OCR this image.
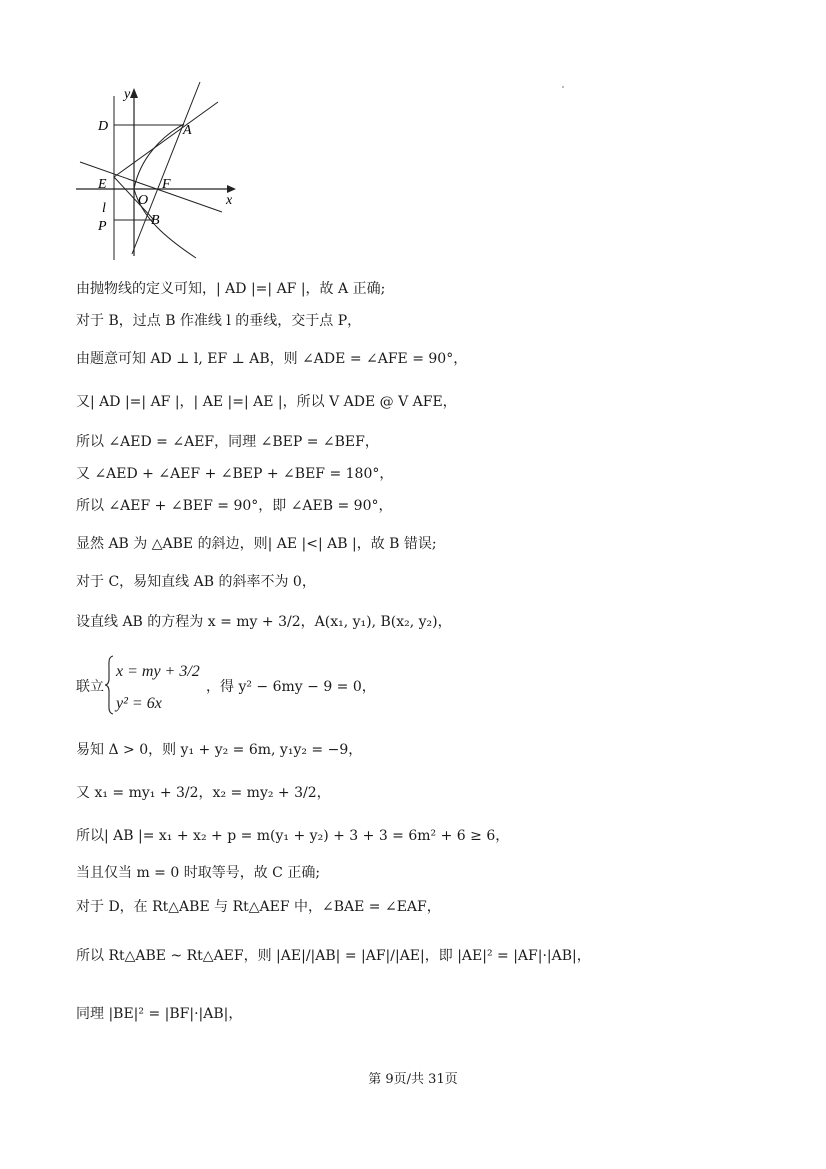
y
x
D	A
E	F
O
l
B
P
由抛物线的定义可知，| AD |=| AF |，故 A 正确;
对于 B，过点 B 作准线 l 的垂线，交于点 P，
由题意可知 AD ⊥ l, EF ⊥ AB，则 ∠ADE = ∠AFE = 90°，
又| AD |=| AF |，| AE |=| AE |，所以 V ADE @ V AFE，
所以 ∠AED = ∠AEF，同理 ∠BEP = ∠BEF，
又 ∠AED + ∠AEF + ∠BEP + ∠BEF = 180°，
所以 ∠AEF + ∠BEF = 90°，即 ∠AEB = 90°，
显然 AB 为 △ABE 的斜边，则| AE |<| AB |，故 B 错误;
对于 C，易知直线 AB 的斜率不为 0，
设直线 AB 的方程为 x = my + 3/2，A(x₁, y₁), B(x₂, y₂)，
联立
x = my + 3/2
y² = 6x
，得 y² − 6my − 9 = 0，
易知 Δ > 0，则 y₁ + y₂ = 6m, y₁y₂ = −9，
又 x₁ = my₁ + 3/2，x₂ = my₂ + 3/2，
所以| AB |= x₁ + x₂ + p = m(y₁ + y₂) + 3 + 3 = 6m² + 6 ≥ 6，
当且仅当 m = 0 时取等号，故 C 正确;
对于 D，在 Rt△ABE 与 Rt△AEF 中，∠BAE = ∠EAF，
所以 Rt△ABE ~ Rt△AEF，则 |AE|/|AB| = |AF|/|AE|，即 |AE|² = |AF|·|AB|，
同理 |BE|² = |BF|·|AB|，
第 9页/共 31页
